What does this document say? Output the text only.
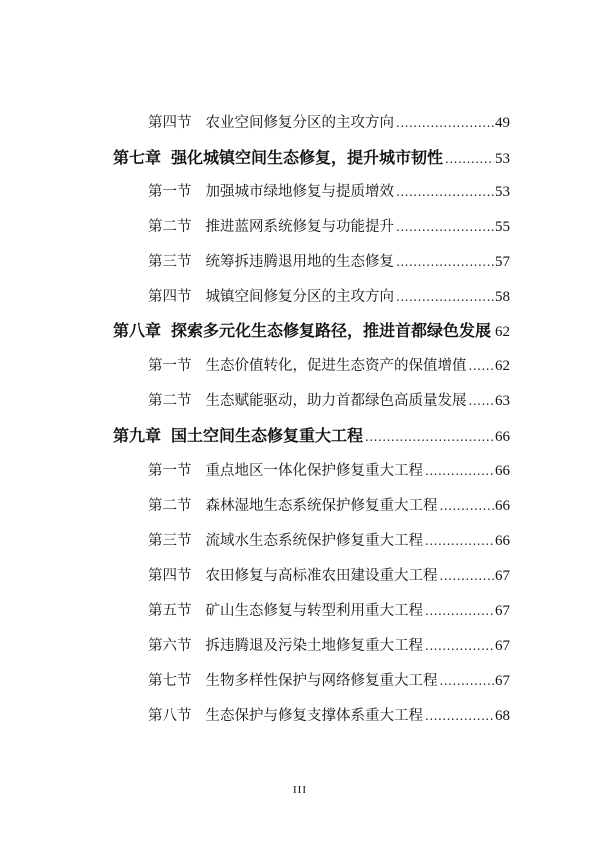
第四节 农业空间修复分区的主攻方向 .....	49
第七章 强化城镇空间生态修复，提升城市韧性 .....	53
第一节 加强城市绿地修复与提质增效 .....	53
第二节 推进蓝网系统修复与功能提升 .....	55
第三节 统筹拆违腾退用地的生态修复 .....	57
第四节 城镇空间修复分区的主攻方向 .....	58
第八章 探索多元化生态修复路径，推进首都绿色发展 ..... 62
第一节 生态价值转化，促进生态资产的保值增值 ..... 62
第二节 生态赋能驱动，助力首都绿色高质量发展 ..... 63
第九章 国土空间生态修复重大工程 .....	66
第一节 重点地区一体化保护修复重大工程 .....	66
第二节 森林湿地生态系统保护修复重大工程 .....	66
第三节 流域水生态系统保护修复重大工程 .....	66
第四节 农田修复与高标准农田建设重大工程 .....	67
第五节 矿山生态修复与转型利用重大工程 .....	67
第六节 拆违腾退及污染土地修复重大工程 .....	67
第七节 生物多样性保护与网络修复重大工程 .....	67
第八节 生态保护与修复支撑体系重大工程 .....	68
III
